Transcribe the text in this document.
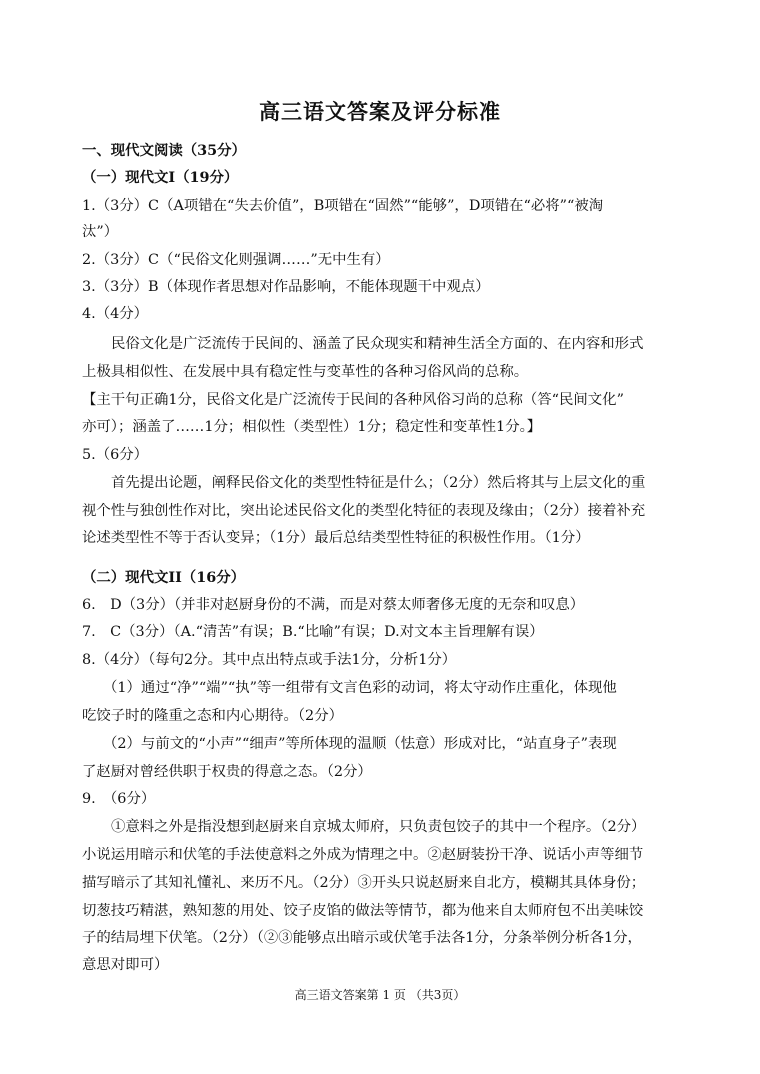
高三语文答案及评分标准
一、现代文阅读（35分）
（一）现代文I（19分）
1.（3分）C（A项错在“失去价值”，B项错在“固然”“能够”，D项错在“必将”“被淘
汰”）
2.（3分）C（“民俗文化则强调……”无中生有）
3.（3分）B（体现作者思想对作品影响，不能体现题干中观点）
4.（4分）
民俗文化是广泛流传于民间的、涵盖了民众现实和精神生活全方面的、在内容和形式
上极具相似性、在发展中具有稳定性与变革性的各种习俗风尚的总称。
【主干句正确1分，民俗文化是广泛流传于民间的各种风俗习尚的总称（答“民间文化”
亦可）；涵盖了……1分；相似性（类型性）1分；稳定性和变革性1分。】
5.（6分）
首先提出论题，阐释民俗文化的类型性特征是什么；（2分）然后将其与上层文化的重
视个性与独创性作对比，突出论述民俗文化的类型化特征的表现及缘由；（2分）接着补充
论述类型性不等于否认变异；（1分）最后总结类型性特征的积极性作用。（1分）
（二）现代文II（16分）
6.　D（3分）（并非对赵厨身份的不满，而是对蔡太师奢侈无度的无奈和叹息）
7.　C（3分）（A.“清苦”有误；B.“比喻”有误；D.对文本主旨理解有误）
8.（4分）（每句2分。其中点出特点或手法1分，分析1分）
（1）通过“净”“端”“执”等一组带有文言色彩的动词，将太守动作庄重化，体现他
吃饺子时的隆重之态和内心期待。（2分）
（2）与前文的“小声”“细声”等所体现的温顺（怯意）形成对比，“站直身子”表现
了赵厨对曾经供职于权贵的得意之态。（2分）
9.　（6分）
①意料之外是指没想到赵厨来自京城太师府，只负责包饺子的其中一个程序。（2分）
小说运用暗示和伏笔的手法使意料之外成为情理之中。②赵厨装扮干净、说话小声等细节
描写暗示了其知礼懂礼、来历不凡。（2分）③开头只说赵厨来自北方，模糊其具体身份；
切葱技巧精湛，熟知葱的用处、饺子皮馅的做法等情节，都为他来自太师府包不出美味饺
子的结局埋下伏笔。（2分）（②③能够点出暗示或伏笔手法各1分，分条举例分析各1分，
意思对即可）
高三语文答案第 1 页 （共3页）
